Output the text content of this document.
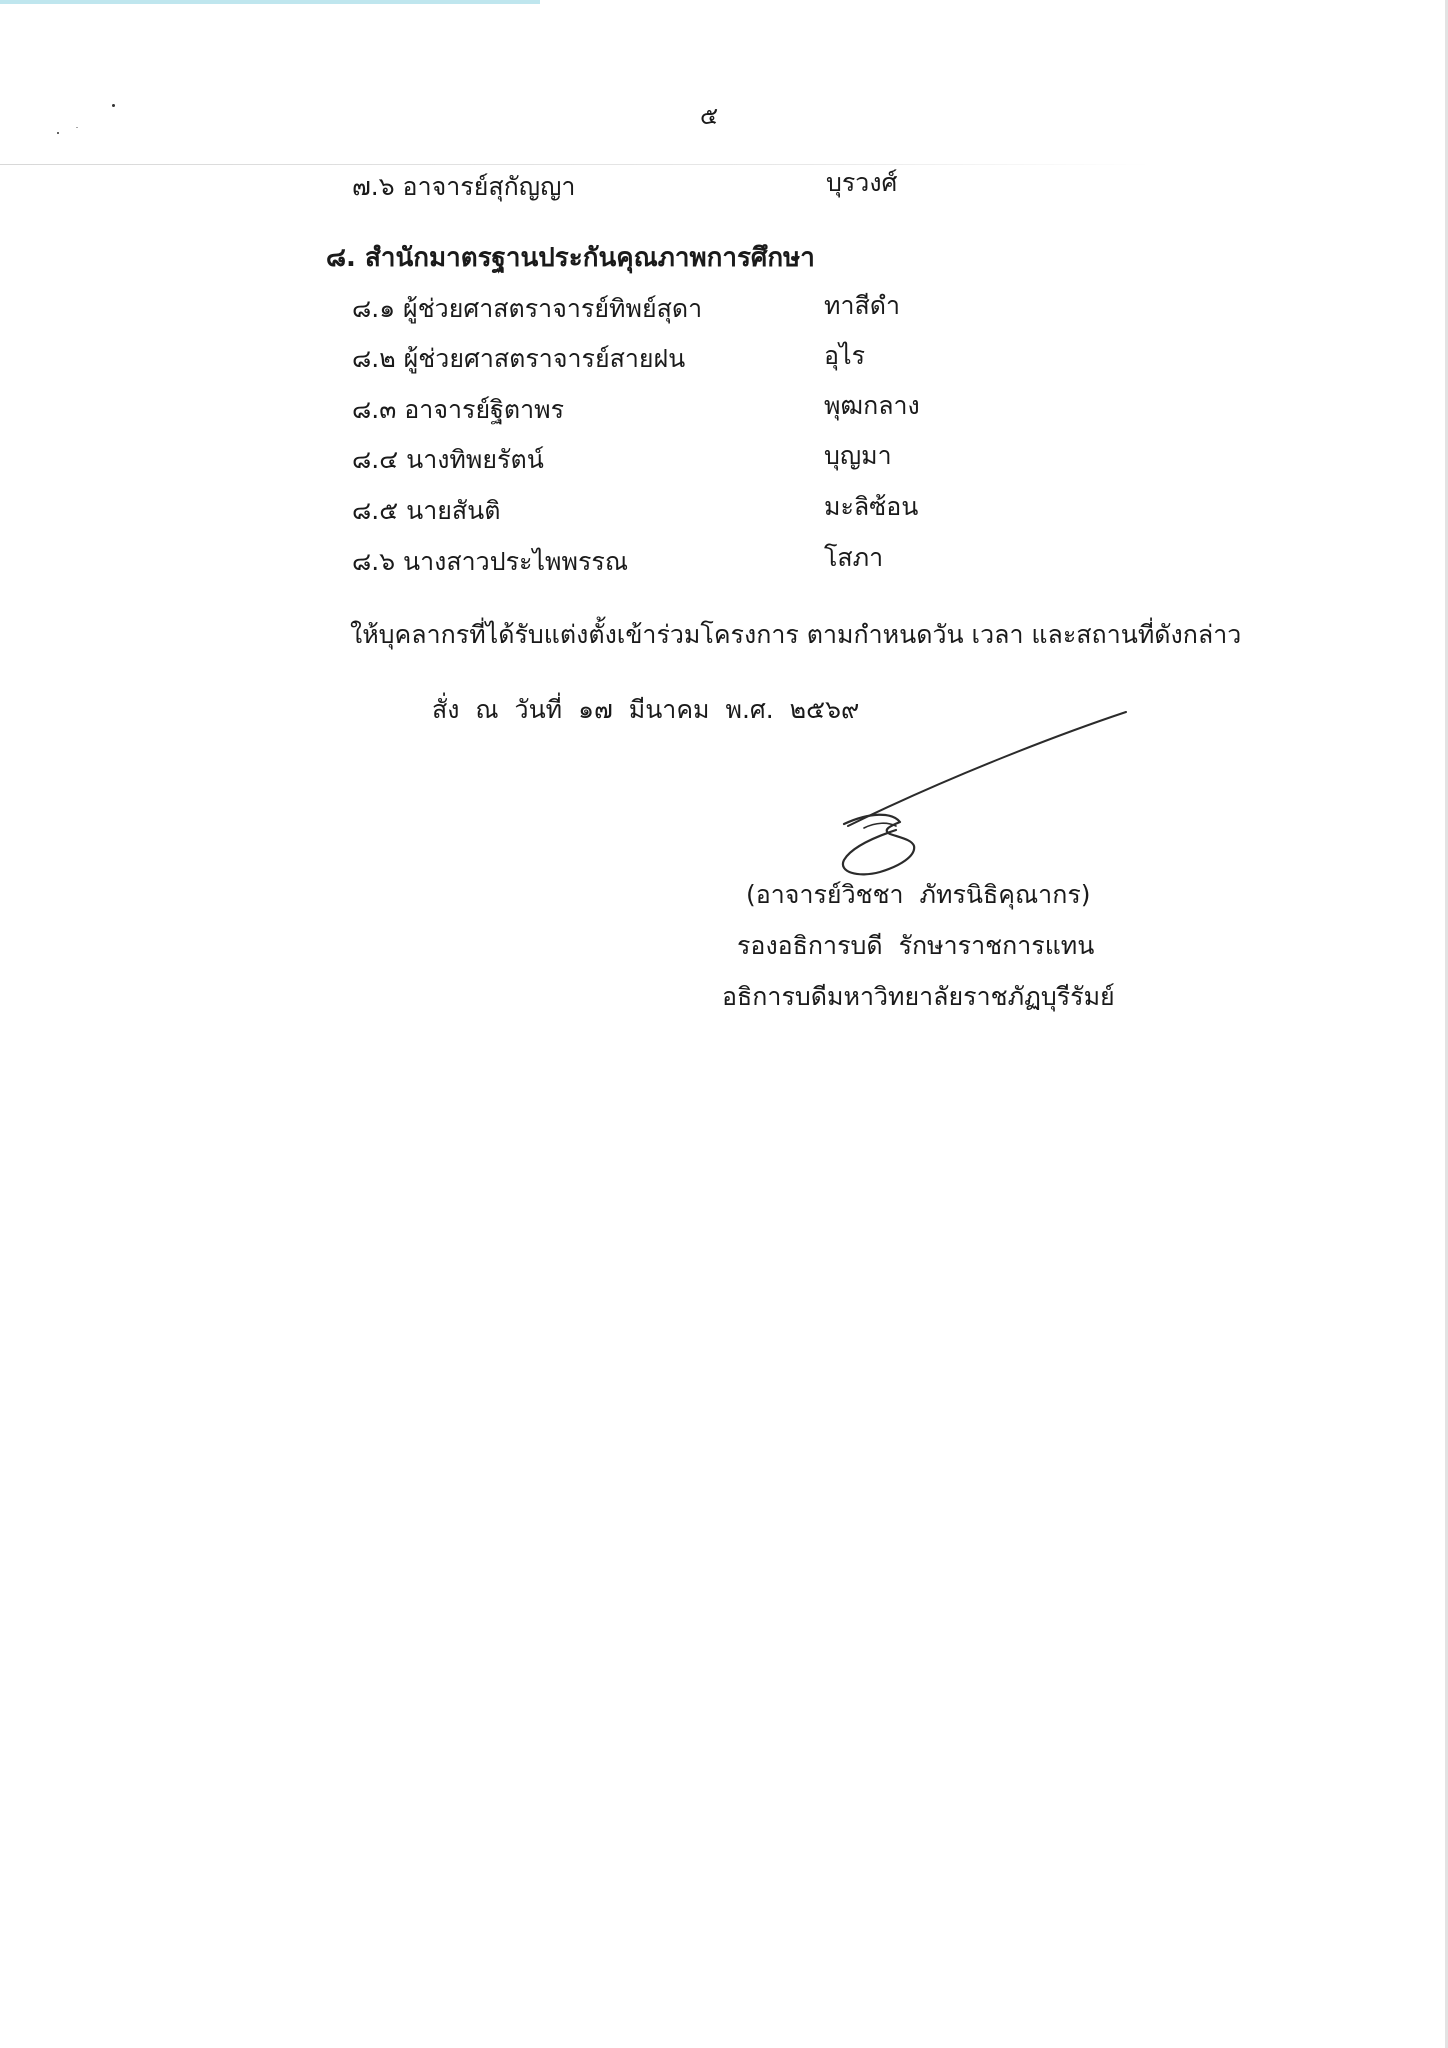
๕
๗.๖ อาจารย์สุกัญญา	บุรวงศ์
๘. สำนักมาตรฐานประกันคุณภาพการศึกษา
๘.๑ ผู้ช่วยศาสตราจารย์ทิพย์สุดา	ทาสีดำ
๘.๒ ผู้ช่วยศาสตราจารย์สายฝน	อุไร
๘.๓ อาจารย์ฐิตาพร	พุฒกลาง
๘.๔ นางทิพยรัตน์	บุญมา
๘.๕ นายสันติ	มะลิซ้อน
๘.๖ นางสาวประไพพรรณ	โสภา
ให้บุคลากรที่ได้รับแต่งตั้งเข้าร่วมโครงการ ตามกำหนดวัน เวลา และสถานที่ดังกล่าว
สั่ง ณ วันที่ ๑๗ มีนาคม พ.ศ. ๒๕๖๙
(อาจารย์วิชชา ภัทรนิธิคุณากร)
รองอธิการบดี รักษาราชการแทน
อธิการบดีมหาวิทยาลัยราชภัฏบุรีรัมย์
